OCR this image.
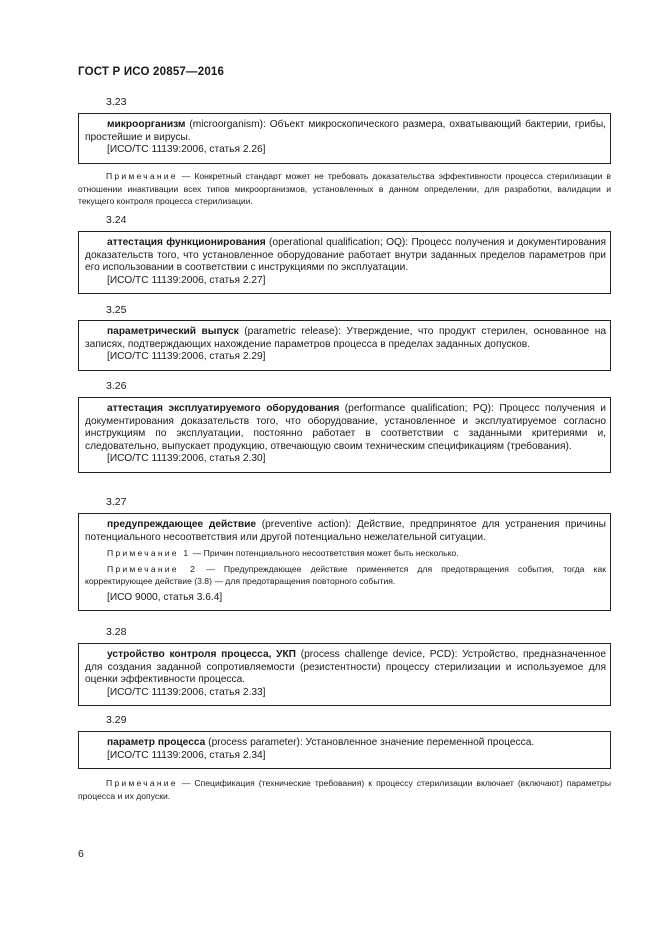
ГОСТ Р ИСО 20857—2016
3.23

микроорганизм (microorganism): Объект микроскопического размера, охватывающий бактерии, грибы, простейшие и вирусы.

[ИСО/ТС 11139:2006, статья 2.26]

Примечание — Конкретный стандарт может не требовать доказательства эффективности процесса стерилизации в отношении инактивации всех типов микроорганизмов, установленных в данном определении, для разработки, валидации и текущего контроля процесса стерилизации.

3.24

аттестация функционирования (operational qualification; OQ): Процесс получения и документирования доказательств того, что установленное оборудование работает внутри заданных пределов параметров при его использовании в соответствии с инструкциями по эксплуатации.

[ИСО/ТС 11139:2006, статья 2.27]

3.25

параметрический выпуск (parametric release): Утверждение, что продукт стерилен, основанное на записях, подтверждающих нахождение параметров процесса в пределах заданных допусков.

[ИСО/ТС 11139:2006, статья 2.29]

3.26

аттестация эксплуатируемого оборудования (performance qualification; PQ): Процесс получения и документирования доказательств того, что оборудование, установленное и эксплуатируемое согласно инструкциям по эксплуатации, постоянно работает в соответствии с заданными критериями и, следовательно, выпускает продукцию, отвечающую своим техническим спецификациям (требования).

[ИСО/ТС 11139:2006, статья 2.30]

3.27

предупреждающее действие (preventive action): Действие, предпринятое для устранения причины потенциального несоответствия или другой потенциально нежелательной ситуации.

Примечание 1 — Причин потенциального несоответствия может быть несколько.

Примечание 2 — Предупреждающее действие применяется для предотвращения события, тогда как корректирующее действие (3.8) — для предотвращения повторного события.

[ИСО 9000, статья 3.6.4]

3.28

устройство контроля процесса, УКП (process challenge device, PCD): Устройство, предназначенное для создания заданной сопротивляемости (резистентности) процессу стерилизации и используемое для оценки эффективности процесса.

[ИСО/ТС 11139:2006, статья 2.33]

3.29

параметр процесса (process parameter): Установленное значение переменной процесса.

[ИСО/ТС 11139:2006, статья 2.34]

Примечание — Спецификация (технические требования) к процессу стерилизации включает (включают) параметры процесса и их допуски.

6
